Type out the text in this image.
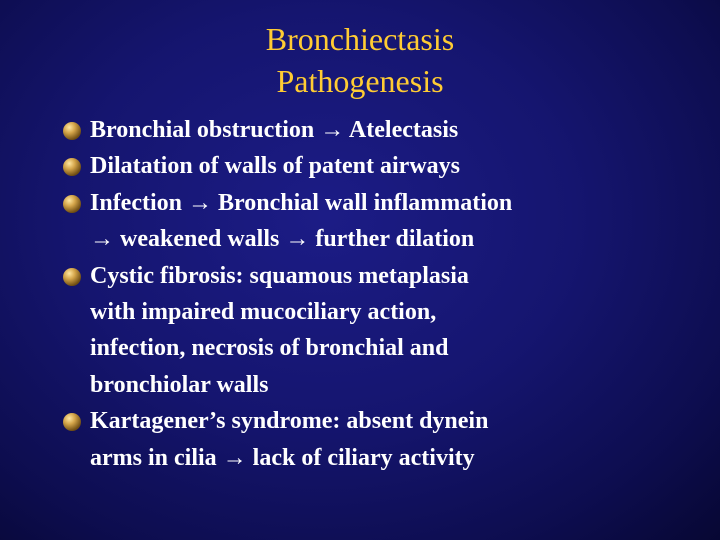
Bronchiectasis
Pathogenesis
Bronchial obstruction → Atelectasis
Dilatation of walls of patent airways
Infection → Bronchial wall inflammation
→ weakened walls → further dilation
Cystic fibrosis: squamous metaplasia
with impaired mucociliary action,
infection, necrosis of bronchial and
bronchiolar walls
Kartagener’s syndrome: absent dynein
arms in cilia → lack of ciliary activity
